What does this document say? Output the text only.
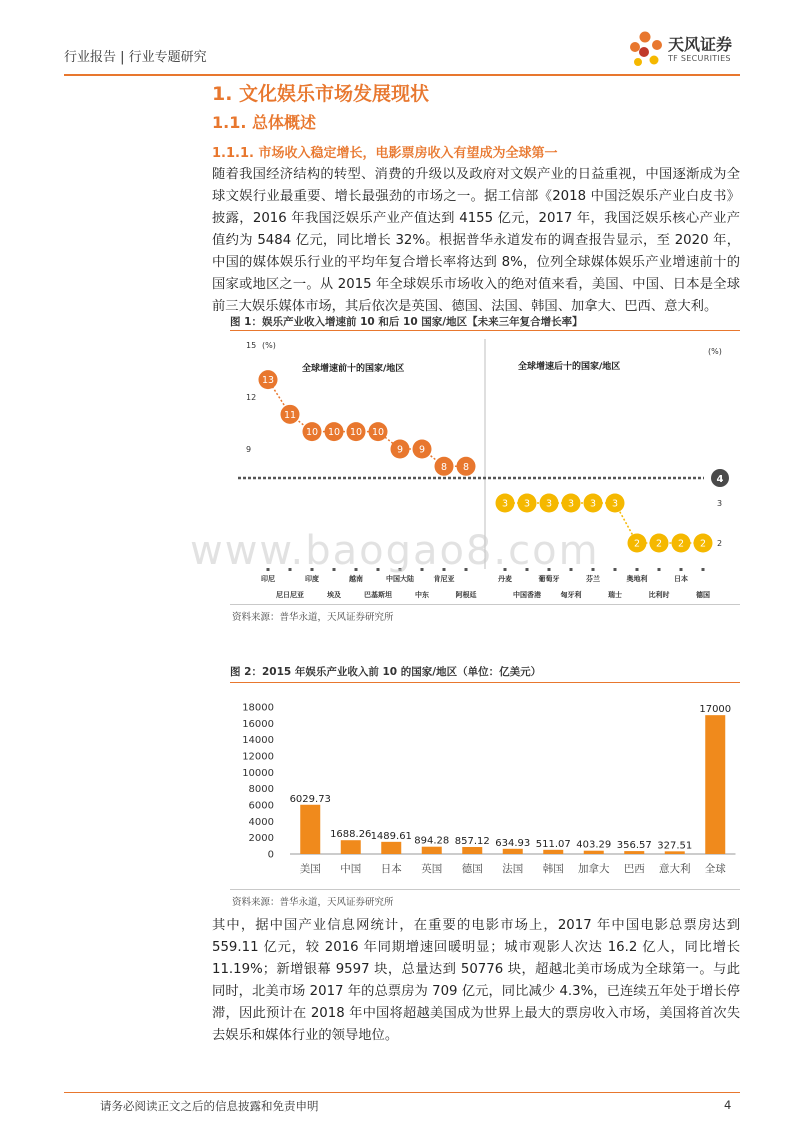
行业报告 | 行业专题研究
天风证券
TF SECURITIES
1. 文化娱乐市场发展现状
1.1. 总体概述
1.1.1. 市场收入稳定增长，电影票房收入有望成为全球第一
随着我国经济结构的转型、消费的升级以及政府对文娱产业的日益重视，中国逐渐成为全球文娱行业最重要、增长最强劲的市场之一。据工信部《2018 中国泛娱乐产业白皮书》披露，2016 年我国泛娱乐产业产值达到 4155 亿元，2017 年，我国泛娱乐核心产业产值约为 5484 亿元，同比增长 32%。根据普华永道发布的调查报告显示，至 2020 年，中国的媒体娱乐行业的平均年复合增长率将达到 8%，位列全球媒体娱乐产业增速前十的国家或地区之一。从 2015 年全球娱乐市场收入的绝对值来看，美国、中国、日本是全球前三大娱乐媒体市场，其后依次是英国、德国、法国、韩国、加拿大、巴西、意大利。
图 1：娱乐产业收入增速前 10 和后 10 国家/地区【未来三年复合增长率】
15
12
9
(%)
(%)
3
2
4
13
11
10 10 10 10
9 9
8 8
全球增速前十的国家/地区
印尼	印度	越南	中国大陆	肯尼亚
尼日尼亚	埃及	巴基斯坦	中东	阿根廷
3 3 3 3 3 3
2 2 2 2
全球增速后十的国家/地区
丹麦	葡萄牙	芬兰	奥地利	日本
中国香港	匈牙利	瑞士	比利时	德国
资料来源：普华永道，天风证券研究所
www.baogao8.com
图 2：2015 年娱乐产业收入前 10 的国家/地区（单位：亿美元）
0
2000
4000
6000
8000
10000
12000
14000
16000
18000
6029.73
美国
1688.26
中国
1489.61
日本
894.28
英国
857.12
德国
634.93
法国
511.07
韩国
403.29
加拿大
356.57
巴西
327.51
意大利
17000
全球
资料来源：普华永道，天风证券研究所
其中，据中国产业信息网统计，在重要的电影市场上，2017 年中国电影总票房达到 559.11 亿元，较 2016 年同期增速回暖明显；城市观影人次达 16.2 亿人，同比增长 11.19%；新增银幕 9597 块，总量达到 50776 块，超越北美市场成为全球第一。与此同时，北美市场 2017 年的总票房为 709 亿元，同比减少 4.3%，已连续五年处于增长停滞，因此预计在 2018 年中国将超越美国成为世界上最大的票房收入市场，美国将首次失去娱乐和媒体行业的领导地位。
请务必阅读正文之后的信息披露和免责申明	4
